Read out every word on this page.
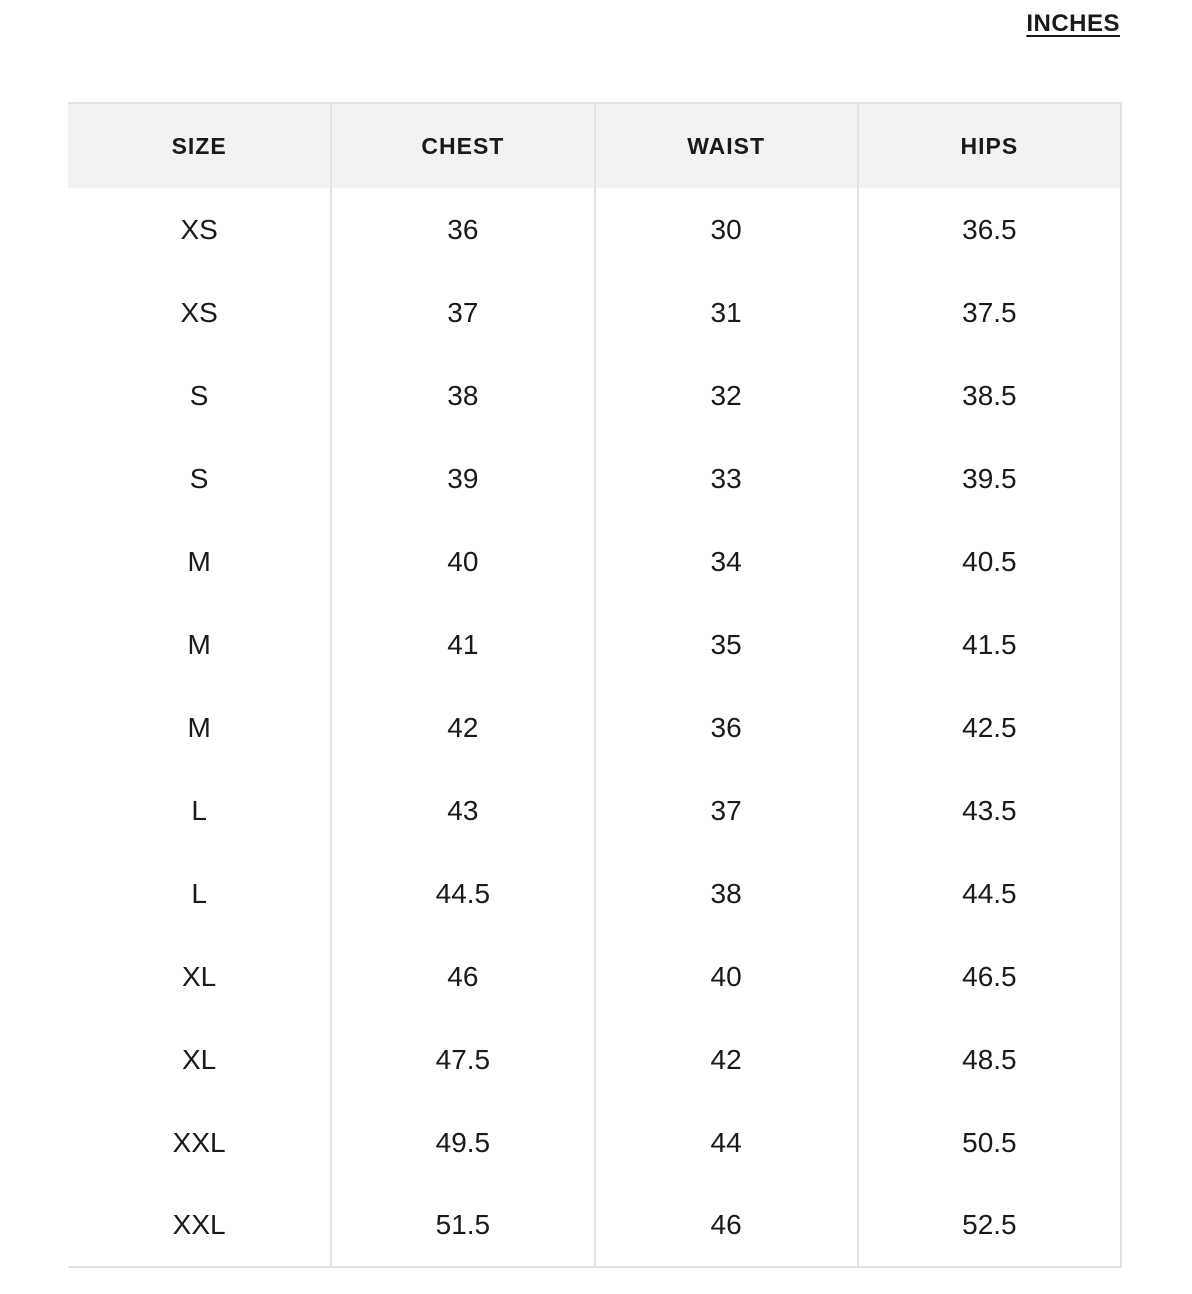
INCHES
SIZE	CHEST	WAIST	HIPS
XS	36	30	36.5
XS	37	31	37.5
S	38	32	38.5
S	39	33	39.5
M	40	34	40.5
M	41	35	41.5
M	42	36	42.5
L	43	37	43.5
L	44.5	38	44.5
XL	46	40	46.5
XL	47.5	42	48.5
XXL	49.5	44	50.5
XXL	51.5	46	52.5
